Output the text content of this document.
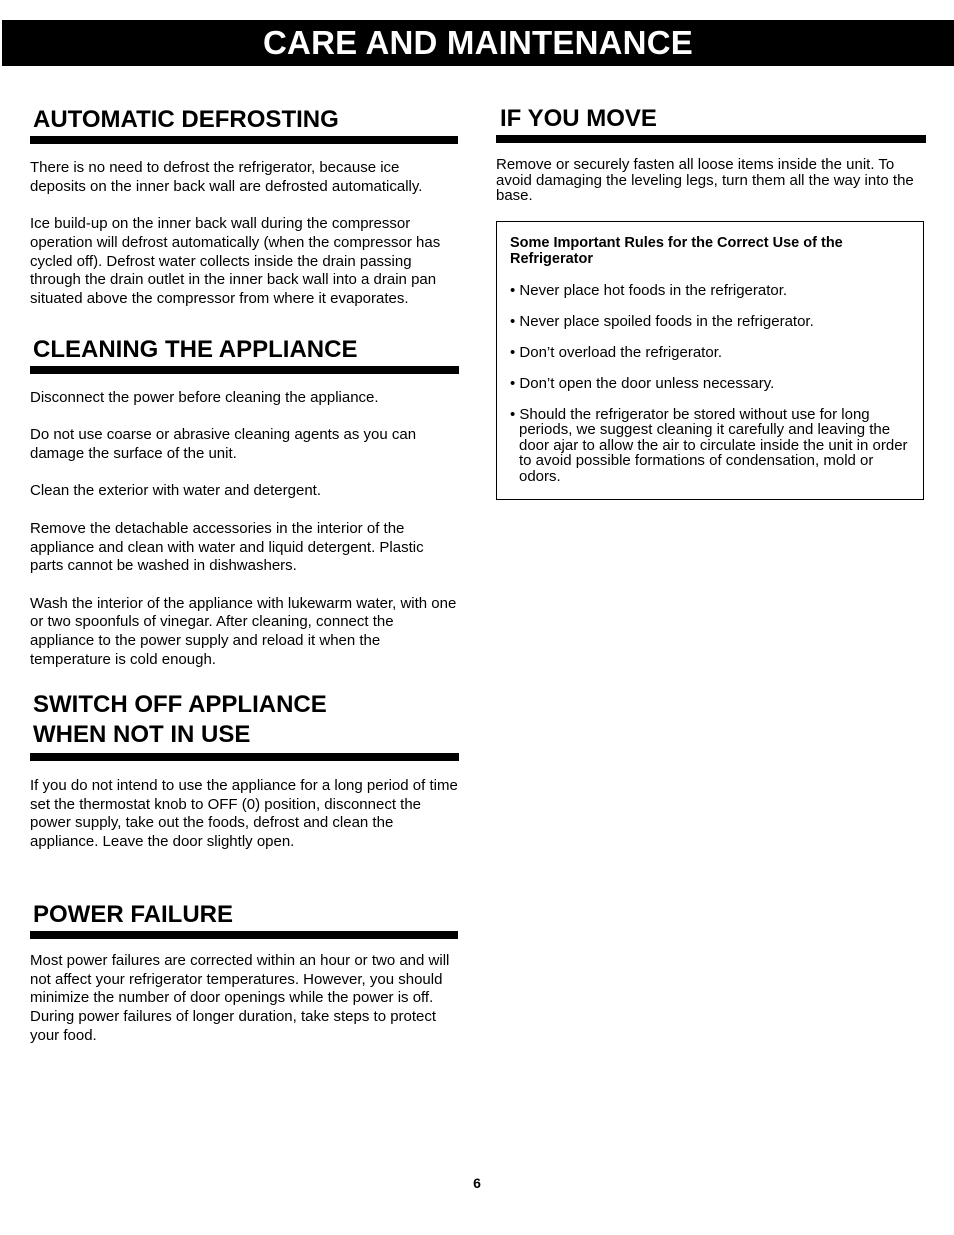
CARE AND MAINTENANCE
AUTOMATIC DEFROSTING

There is no need to defrost the refrigerator, because ice deposits on the inner back wall are defrosted automatically.

Ice build-up on the inner back wall during the compressor operation will defrost automatically (when the compressor has cycled off). Defrost water collects inside the drain passing through the drain outlet in the inner back wall into a drain pan situated above the compressor from where it evaporates.

CLEANING THE APPLIANCE

Disconnect the power before cleaning the appliance.

Do not use coarse or abrasive cleaning agents as you can damage the surface of the unit.

Clean the exterior with water and detergent.

Remove the detachable accessories in the interior of the appliance and clean with water and liquid detergent. Plastic parts cannot be washed in dishwashers.

Wash the interior of the appliance with lukewarm water, with one or two spoonfuls of vinegar. After cleaning, connect the appliance to the power supply and reload it when the temperature is cold enough.

SWITCH OFF APPLIANCE
WHEN NOT IN USE

If you do not intend to use the appliance for a long period of time set the thermostat knob to OFF (0) position, disconnect the power supply, take out the foods, defrost and clean the appliance. Leave the door slightly open.

POWER FAILURE

Most power failures are corrected within an hour or two and will not affect your refrigerator temperatures. However, you should minimize the number of door openings while the power is off. During power failures of longer duration, take steps to protect your food.

IF YOU MOVE

Remove or securely fasten all loose items inside the unit. To avoid damaging the leveling legs, turn them all the way into the base.

Some Important Rules for the Correct Use of the Refrigerator

• Never place hot foods in the refrigerator.
• Never place spoiled foods in the refrigerator.
• Don’t overload the refrigerator.
• Don’t open the door unless necessary.
• Should the refrigerator be stored without use for long periods, we suggest cleaning it carefully and leaving the door ajar to allow the air to circulate inside the unit in order to avoid possible formations of condensation, mold or odors.
6
